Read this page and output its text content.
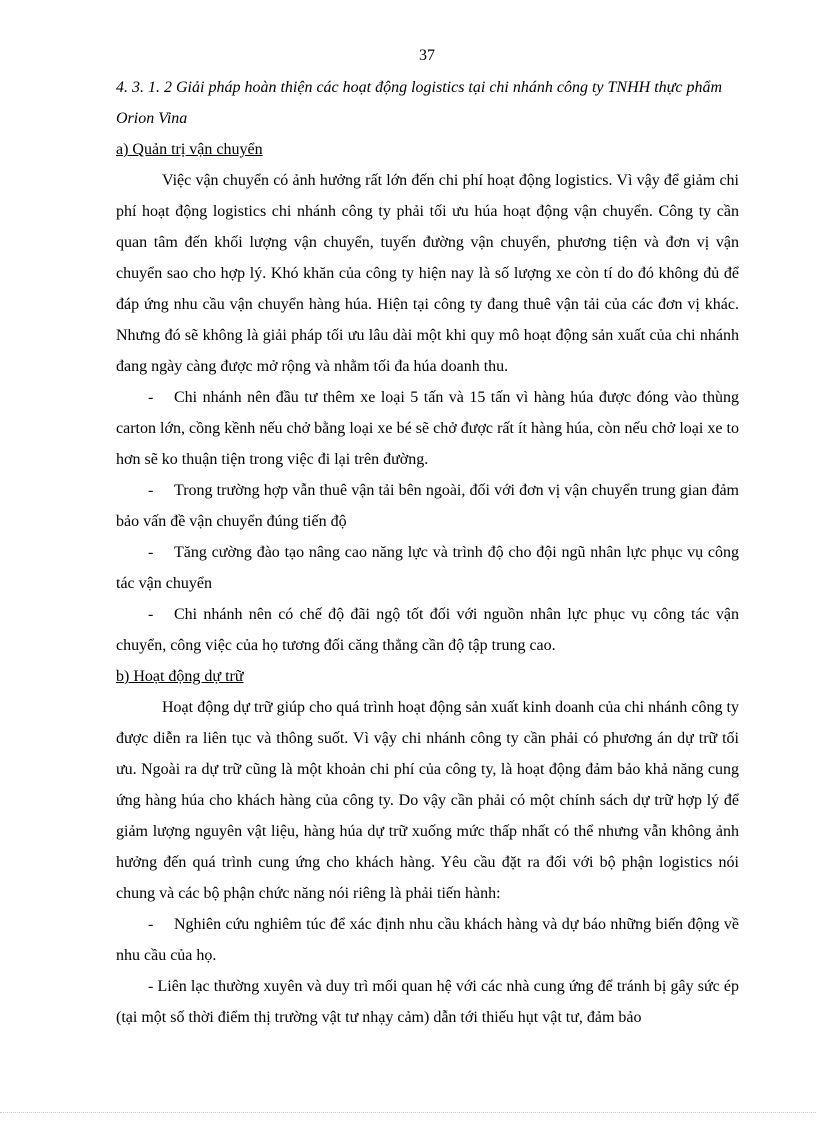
37

4. 3. 1. 2 Giải pháp hoàn thiện các hoạt động logistics tại chi nhánh công ty TNHH thực phẩm Orion Vina

a) Quản trị vận chuyển

Việc vận chuyển có ảnh hưởng rất lớn đến chi phí hoạt động logistics. Vì vậy để giảm chi phí hoạt động logistics chi nhánh công ty phải tối ưu húa hoạt động vận chuyển. Công ty cần quan tâm đến khối lượng vận chuyển, tuyến đường vận chuyển, phương tiện và đơn vị vận chuyển sao cho hợp lý. Khó khăn của công ty hiện nay là số lượng xe còn tí do đó không đủ để đáp ứng nhu cầu vận chuyển hàng húa. Hiện tại công ty đang thuê vận tải của các đơn vị khác. Nhưng đó sẽ không là giải pháp tối ưu lâu dài một khi quy mô hoạt động sản xuất của chi nhánh đang ngày càng được mở rộng và nhằm tối đa húa doanh thu.

- Chi nhánh nên đầu tư thêm xe loại 5 tấn và 15 tấn vì hàng húa được đóng vào thùng carton lớn, cồng kềnh nếu chở bằng loại xe bé sẽ chở được rất ít hàng húa, còn nếu chở loại xe to hơn sẽ ko thuận tiện trong việc đi lại trên đường.

- Trong trường hợp vẫn thuê vận tải bên ngoài, đối với đơn vị vận chuyển trung gian đảm bảo vấn đề vận chuyển đúng tiến độ

- Tăng cường đào tạo nâng cao năng lực và trình độ cho đội ngũ nhân lực phục vụ công tác vận chuyển

- Chi nhánh nên có chế độ đãi ngộ tốt đối với nguồn nhân lực phục vụ công tác vận chuyển, công việc của họ tương đối căng thẳng cần độ tập trung cao.

b) Hoạt động dự trữ

Hoạt động dự trữ giúp cho quá trình hoạt động sản xuất kinh doanh của chi nhánh công ty được diễn ra liên tục và thông suốt. Vì vậy chi nhánh công ty cần phải có phương án dự trữ tối ưu. Ngoài ra dự trữ cũng là một khoản chi phí của công ty, là hoạt động đảm bảo khả năng cung ứng hàng húa cho khách hàng của công ty. Do vậy cần phải có một chính sách dự trữ hợp lý để giảm lượng nguyên vật liệu, hàng húa dự trữ xuống mức thấp nhất có thể nhưng vẫn không ảnh hưởng đến quá trình cung ứng cho khách hàng. Yêu cầu đặt ra đối với bộ phận logistics nói chung và các bộ phận chức năng nói riêng là phải tiến hành:

- Nghiên cứu nghiêm túc để xác định nhu cầu khách hàng và dự báo những biến động về nhu cầu của họ.

- Liên lạc thường xuyên và duy trì mối quan hệ với các nhà cung ứng để tránh bị gây sức ép (tại một số thời điểm thị trường vật tư nhạy cảm) dẫn tới thiếu hụt vật tư, đảm bảo
